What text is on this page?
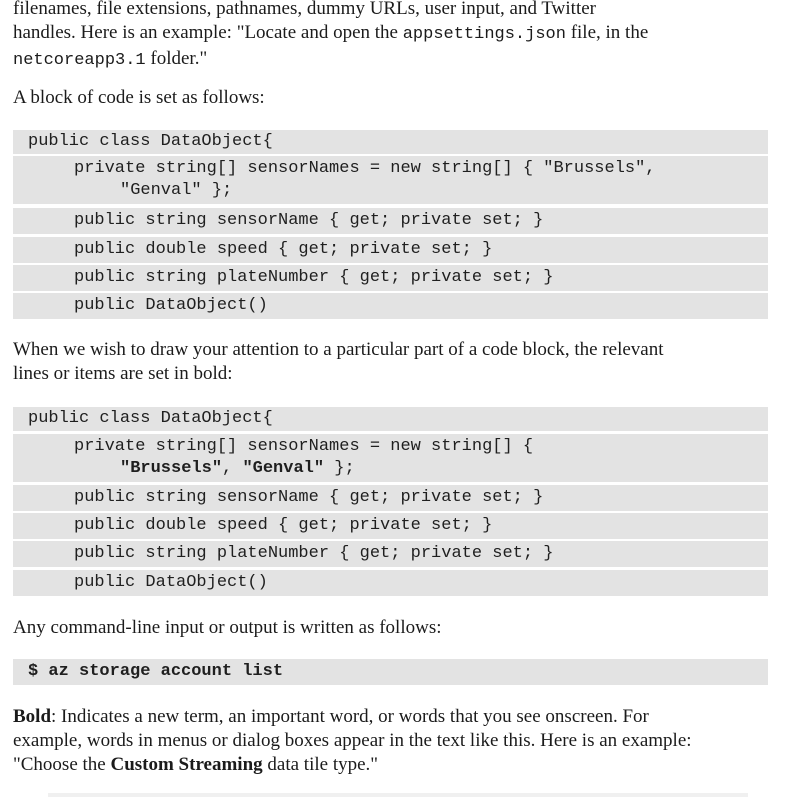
filenames, file extensions, pathnames, dummy URLs, user input, and Twitter
handles. Here is an example: "Locate and open the appsettings.json file, in the
netcoreapp3.1 folder."

A block of code is set as follows:

public class DataObject{
private string[] sensorNames = new string[] { "Brussels",
"Genval" };
public string sensorName { get; private set; }
public double speed { get; private set; }
public string plateNumber { get; private set; }
public DataObject()

When we wish to draw your attention to a particular part of a code block, the relevant
lines or items are set in bold:

public class DataObject{
private string[] sensorNames = new string[] {
"Brussels", "Genval" };
public string sensorName { get; private set; }
public double speed { get; private set; }
public string plateNumber { get; private set; }
public DataObject()

Any command-line input or output is written as follows:

$ az storage account list

Bold: Indicates a new term, an important word, or words that you see onscreen. For
example, words in menus or dialog boxes appear in the text like this. Here is an example:
"Choose the Custom Streaming data tile type."
